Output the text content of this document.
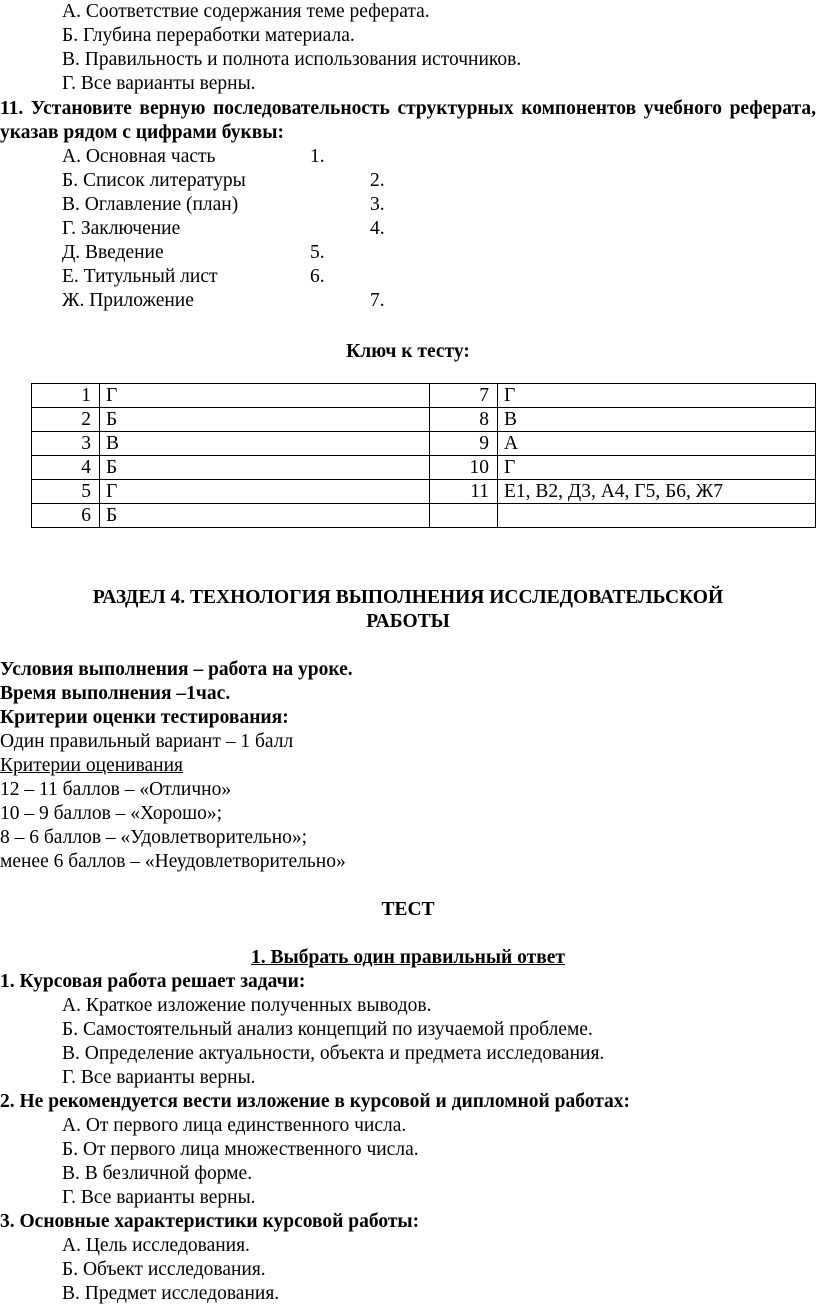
А. Соответствие содержания теме реферата.
Б. Глубина переработки материала.
В. Правильность и полнота использования источников.
Г. Все варианты верны.
11. Установите верную последовательность структурных компонентов учебного реферата, указав рядом с цифрами буквы:
А. Основная часть	1.
Б. Список литературы	2.
В. Оглавление (план)	3.
Г. Заключение	4.
Д. Введение	5.
Е. Титульный лист	6.
Ж. Приложение	7.
Ключ к тесту:
1	Г	7	Г
2	Б	8	В
3	В	9	А
4	Б	10	Г
5	Г	11	Е1, В2, Д3, А4, Г5, Б6, Ж7
6	Б		
РАЗДЕЛ 4. ТЕХНОЛОГИЯ ВЫПОЛНЕНИЯ ИССЛЕДОВАТЕЛЬСКОЙ
РАБОТЫ
Условия выполнения – работа на уроке.
Время выполнения –1час.
Критерии оценки тестирования:
Один правильный вариант – 1 балл
Критерии оценивания
12 – 11 баллов – «Отлично»
10 – 9 баллов – «Хорошо»;
8 – 6 баллов – «Удовлетворительно»;
менее 6 баллов – «Неудовлетворительно»
ТЕСТ
1. Выбрать один правильный ответ
1. Курсовая работа решает задачи:
А. Краткое изложение полученных выводов.
Б. Самостоятельный анализ концепций по изучаемой проблеме.
В. Определение актуальности, объекта и предмета исследования.
Г. Все варианты верны.
2. Не рекомендуется вести изложение в курсовой и дипломной работах:
А. От первого лица единственного числа.
Б. От первого лица множественного числа.
В. В безличной форме.
Г. Все варианты верны.
3. Основные характеристики курсовой работы:
А. Цель исследования.
Б. Объект исследования.
В. Предмет исследования.
